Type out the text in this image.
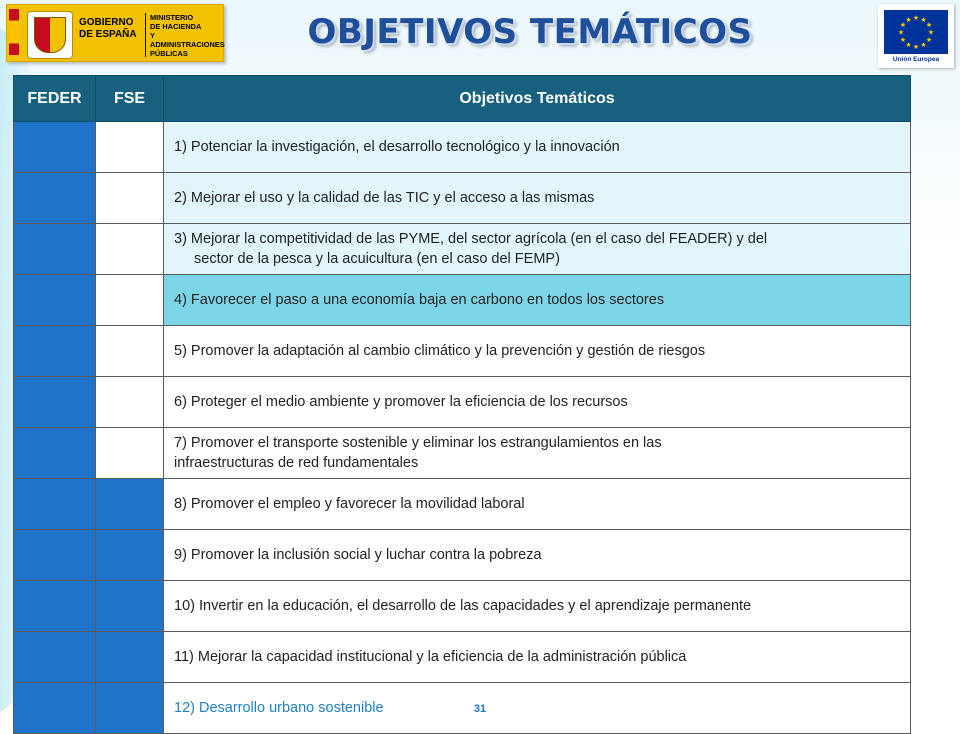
GOBIERNO
DE ESPAÑA
MINISTERIO
DE HACIENDA
Y ADMINISTRACIONES
PÚBLICAS
OBJETIVOS TEMÁTICOS	★ ★
★
★
★
★
★
★
★
★
★
★
Unión Europea
FEDER	FSE	Objetivos Temáticos
		1) Potenciar la investigación, el desarrollo tecnológico y la innovación
		2) Mejorar el uso y la calidad de las TIC y el acceso a las mismas
		3) Mejorar la competitividad de las PYME, del sector agrícola (en el caso del FEADER) y del
sector de la pesca y la acuicultura (en el caso del FEMP)

		4) Favorecer el paso a una economía baja en carbono en todos los sectores
		5) Promover la adaptación al cambio climático y la prevención y gestión de riesgos
		6) Proteger el medio ambiente y promover la eficiencia de los recursos
		7) Promover el transporte sostenible y eliminar los estrangulamientos en las
infraestructuras de red fundamentales

		8) Promover el empleo y favorecer la movilidad laboral
		9) Promover la inclusión social y luchar contra la pobreza
		10) Invertir en la educación, el desarrollo de las capacidades y el aprendizaje permanente
		11) Mejorar la capacidad institucional y la eficiencia de la administración pública
		12) Desarrollo urbano sostenible	31
